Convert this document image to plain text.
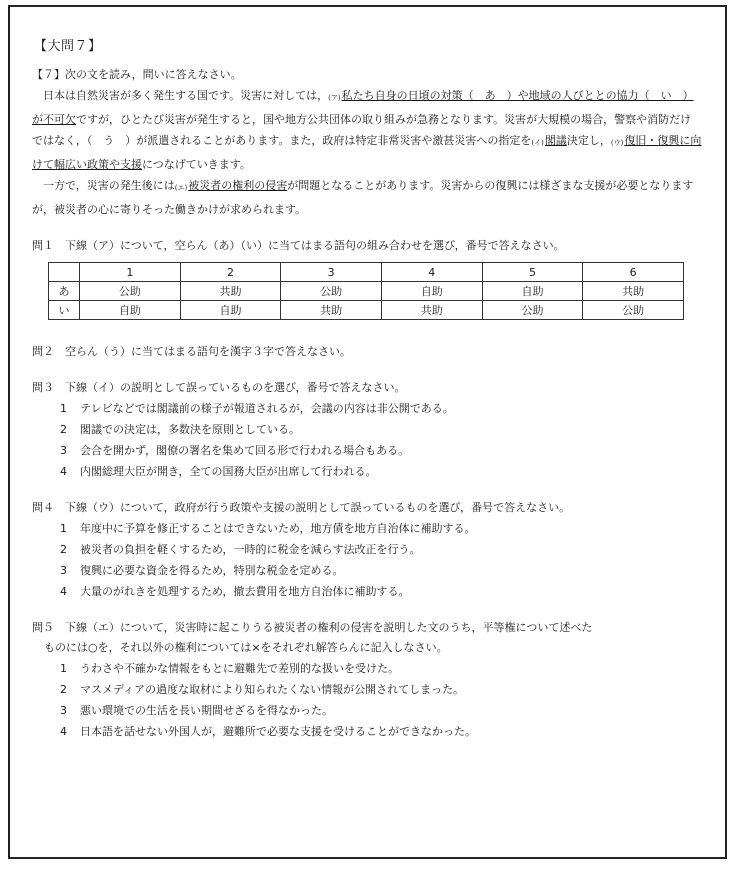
【大問７】

【７】次の文を読み，問いに答えなさい。

日本は自然災害が多く発生する国です。災害に対しては，(ア)私たち自身の日頃の対策（　あ　）や地域の人びととの協力（　い　）が不可欠ですが，ひとたび災害が発生すると，国や地方公共団体の取り組みが急務となります。災害が大規模の場合，警察や消防だけではなく，（　う　）が派遣されることがあります。また，政府は特定非常災害や激甚災害への指定を(イ)閣議決定し，(ウ)復旧・復興に向けて幅広い政策や支援につなげていきます。

一方で，災害の発生後には(エ)被災者の権利の侵害が問題となることがあります。災害からの復興には様ざまな支援が必要となりますが，被災者の心に寄りそった働きかけが求められます。

問１　下線（ア）について，空らん（あ）（い）に当てはまる語句の組み合わせを選び，番号で答えなさい。

	1	2	3	4	5	6
あ	公助	共助	公助	自助	自助	共助
い	自助	自助	共助	共助	公助	公助

問２　空らん（う）に当てはまる語句を漢字３字で答えなさい。

問３　下線（イ）の説明として誤っているものを選び，番号で答えなさい。

1 テレビなどでは閣議前の様子が報道されるが，会議の内容は非公開である。

2 閣議での決定は，多数決を原則としている。

3 会合を開かず，閣僚の署名を集めて回る形で行われる場合もある。

4 内閣総理大臣が開き，全ての国務大臣が出席して行われる。

問４　下線（ウ）について，政府が行う政策や支援の説明として誤っているものを選び，番号で答えなさい。

1 年度中に予算を修正することはできないため，地方債を地方自治体に補助する。

2 被災者の負担を軽くするため，一時的に税金を減らす法改正を行う。

3 復興に必要な資金を得るため，特別な税金を定める。

4 大量のがれきを処理するため，撤去費用を地方自治体に補助する。

問５　下線（エ）について，災害時に起こりうる被災者の権利の侵害を説明した文のうち，平等権について述べた

ものには○を，それ以外の権利については×をそれぞれ解答らんに記入しなさい。

1 うわさや不確かな情報をもとに避難先で差別的な扱いを受けた。

2 マスメディアの過度な取材により知られたくない情報が公開されてしまった。

3 悪い環境での生活を長い期間せざるを得なかった。

4 日本語を話せない外国人が，避難所で必要な支援を受けることができなかった。
